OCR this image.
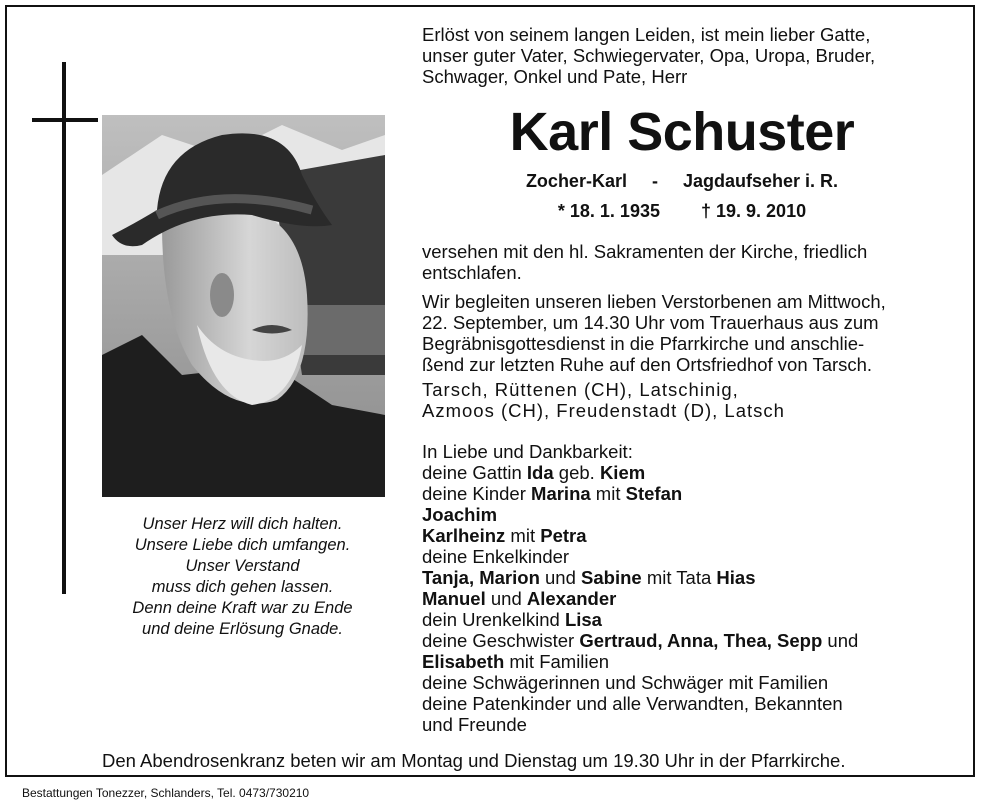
Unser Herz will dich halten.
Unsere Liebe dich umfangen.
Unser Verstand
muss dich gehen lassen.
Denn deine Kraft war zu Ende
und deine Erlösung Gnade.
Erlöst von seinem langen Leiden, ist mein lieber Gatte,
unser guter Vater, Schwiegervater, Opa, Uropa, Bruder,
Schwager, Onkel und Pate, Herr
Karl Schuster
Zocher-Karl - Jagdaufseher i. R.
* 18. 1. 1935 † 19. 9. 2010
versehen mit den hl. Sakramenten der Kirche, friedlich
entschlafen.
Wir begleiten unseren lieben Verstorbenen am Mittwoch,
22. September, um 14.30 Uhr vom Trauerhaus aus zum
Begräbnisgottesdienst in die Pfarrkirche und anschlie-
ßend zur letzten Ruhe auf den Ortsfriedhof von Tarsch.
Tarsch, Rüttenen (CH), Latschinig,
Azmoos (CH), Freudenstadt (D), Latsch
In Liebe und Dankbarkeit:
deine Gattin Ida geb. Kiem
deine Kinder Marina mit Stefan
Joachim
Karlheinz mit Petra
deine Enkelkinder
Tanja, Marion und Sabine mit Tata Hias
Manuel und Alexander
dein Urenkelkind Lisa
deine Geschwister Gertraud, Anna, Thea, Sepp und
Elisabeth mit Familien
deine Schwägerinnen und Schwäger mit Familien
deine Patenkinder und alle Verwandten, Bekannten
und Freunde
Den Abendrosenkranz beten wir am Montag und Dienstag um 19.30 Uhr in der Pfarrkirche.
Bestattungen Tonezzer, Schlanders, Tel. 0473/730210
